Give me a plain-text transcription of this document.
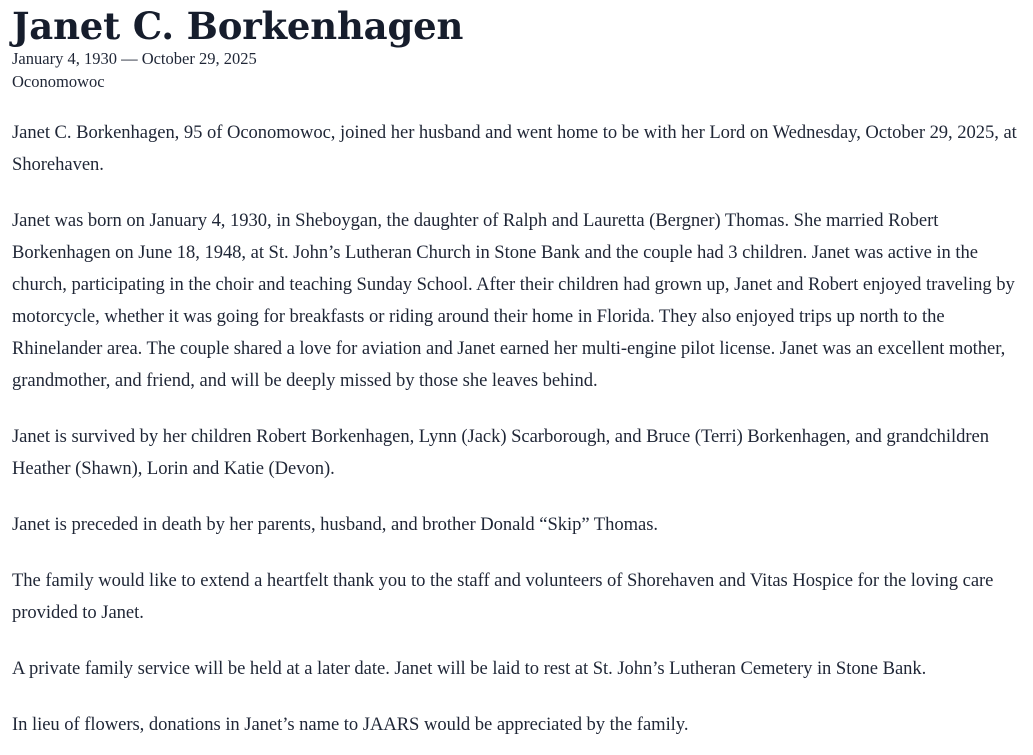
Janet C. Borkenhagen
January 4, 1930 — October 29, 2025
Oconomowoc

Janet C. Borkenhagen, 95 of Oconomowoc, joined her husband and went home to be with her Lord on Wednesday, October 29, 2025, at Shorehaven.

Janet was born on January 4, 1930, in Sheboygan, the daughter of Ralph and Lauretta (Bergner) Thomas. She married Robert Borkenhagen on June 18, 1948, at St. John’s Lutheran Church in Stone Bank and the couple had 3 children. Janet was active in the church, participating in the choir and teaching Sunday School. After their children had grown up, Janet and Robert enjoyed traveling by motorcycle, whether it was going for breakfasts or riding around their home in Florida. They also enjoyed trips up north to the Rhinelander area. The couple shared a love for aviation and Janet earned her multi-engine pilot license. Janet was an excellent mother, grandmother, and friend, and will be deeply missed by those she leaves behind.

Janet is survived by her children Robert Borkenhagen, Lynn (Jack) Scarborough, and Bruce (Terri) Borkenhagen, and grandchildren Heather (Shawn), Lorin and Katie (Devon).

Janet is preceded in death by her parents, husband, and brother Donald “Skip” Thomas.

The family would like to extend a heartfelt thank you to the staff and volunteers of Shorehaven and Vitas Hospice for the loving care provided to Janet.

A private family service will be held at a later date. Janet will be laid to rest at St. John’s Lutheran Cemetery in Stone Bank.

In lieu of flowers, donations in Janet’s name to JAARS would be appreciated by the family.
